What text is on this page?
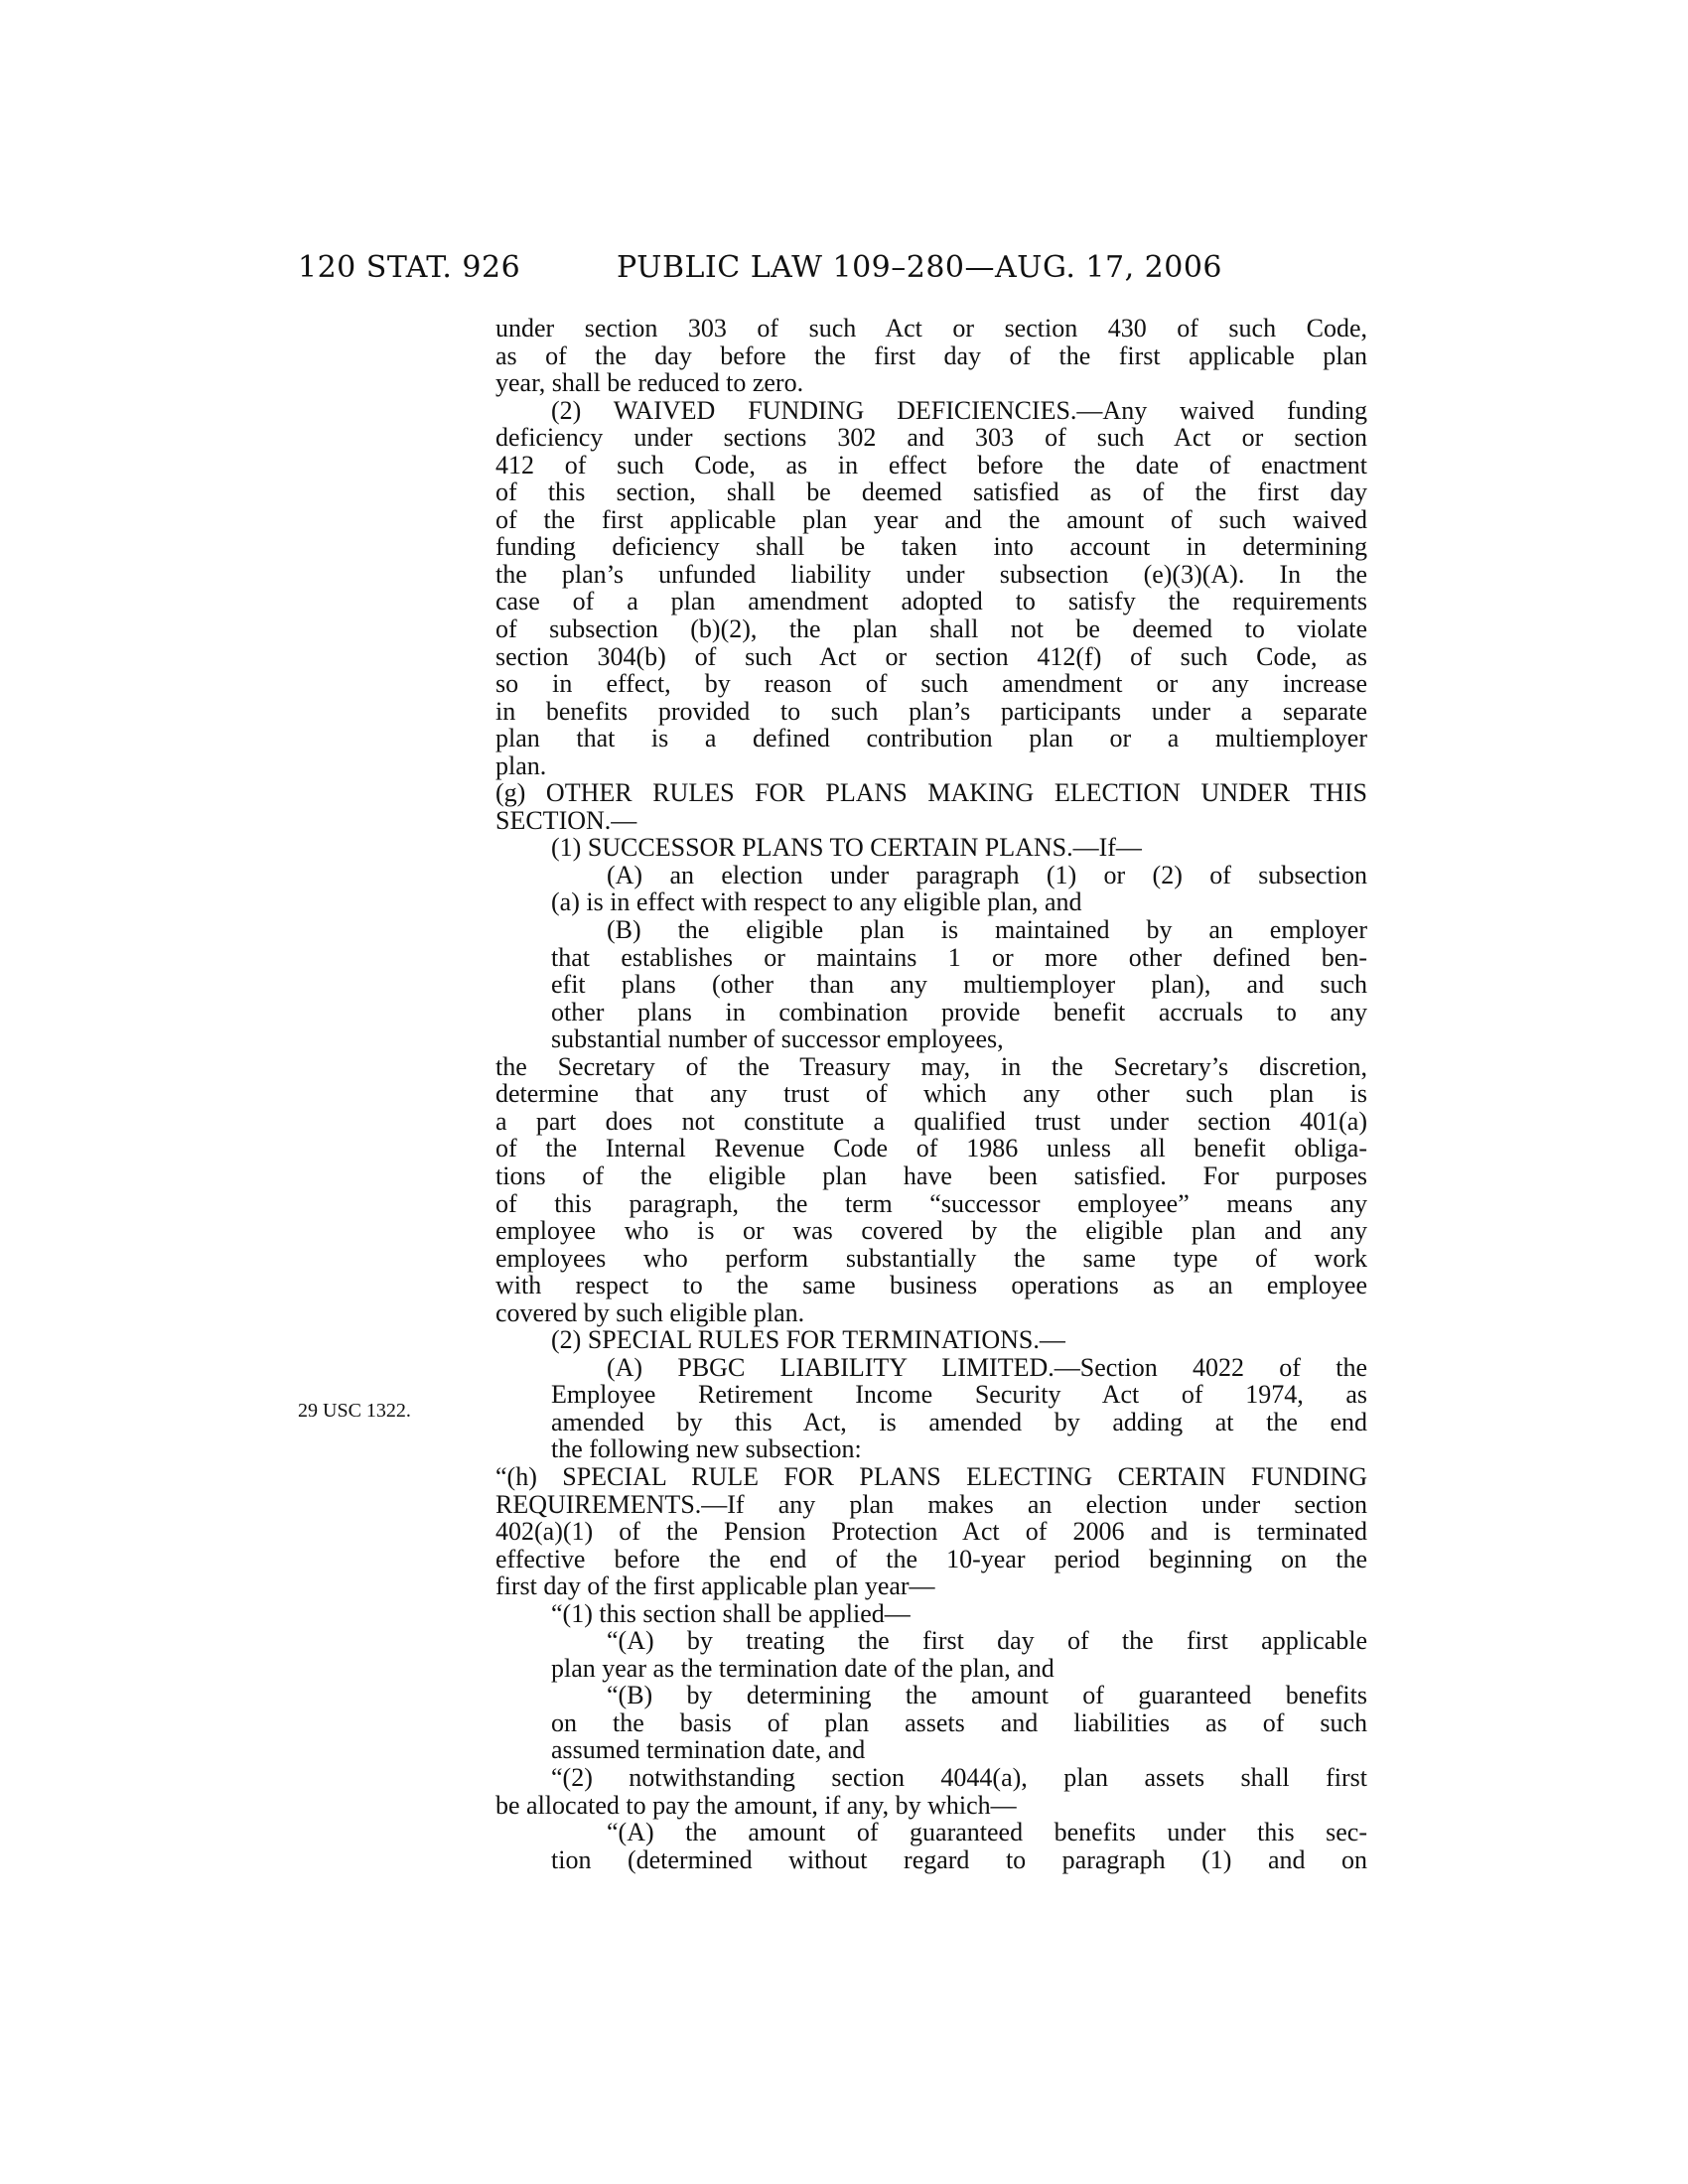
120 STAT. 926	PUBLIC LAW 109–280—AUG. 17, 2006
29 USC 1322.

under section 303 of such Act or section 430 of such Code,

as of the day before the first day of the first applicable plan

year, shall be reduced to zero.

(2) WAIVED FUNDING DEFICIENCIES.—Any waived funding

deficiency under sections 302 and 303 of such Act or section

412 of such Code, as in effect before the date of enactment

of this section, shall be deemed satisfied as of the first day

of the first applicable plan year and the amount of such waived

funding deficiency shall be taken into account in determining

the plan’s unfunded liability under subsection (e)(3)(A). In the

case of a plan amendment adopted to satisfy the requirements

of subsection (b)(2), the plan shall not be deemed to violate

section 304(b) of such Act or section 412(f) of such Code, as

so in effect, by reason of such amendment or any increase

in benefits provided to such plan’s participants under a separate

plan that is a defined contribution plan or a multiemployer

plan.

(g) OTHER RULES FOR PLANS MAKING ELECTION UNDER THIS

SECTION.—

(1) SUCCESSOR PLANS TO CERTAIN PLANS.—If—

(A) an election under paragraph (1) or (2) of subsection

(a) is in effect with respect to any eligible plan, and

(B) the eligible plan is maintained by an employer

that establishes or maintains 1 or more other defined ben-

efit plans (other than any multiemployer plan), and such

other plans in combination provide benefit accruals to any

substantial number of successor employees,

the Secretary of the Treasury may, in the Secretary’s discretion,

determine that any trust of which any other such plan is

a part does not constitute a qualified trust under section 401(a)

of the Internal Revenue Code of 1986 unless all benefit obliga-

tions of the eligible plan have been satisfied. For purposes

of this paragraph, the term “successor employee” means any

employee who is or was covered by the eligible plan and any

employees who perform substantially the same type of work

with respect to the same business operations as an employee

covered by such eligible plan.

(2) SPECIAL RULES FOR TERMINATIONS.—

(A) PBGC LIABILITY LIMITED.—Section 4022 of the

Employee Retirement Income Security Act of 1974, as

amended by this Act, is amended by adding at the end

the following new subsection:

“(h) SPECIAL RULE FOR PLANS ELECTING CERTAIN FUNDING

REQUIREMENTS.—If any plan makes an election under section

402(a)(1) of the Pension Protection Act of 2006 and is terminated

effective before the end of the 10-year period beginning on the

first day of the first applicable plan year—

“(1) this section shall be applied—

“(A) by treating the first day of the first applicable

plan year as the termination date of the plan, and

“(B) by determining the amount of guaranteed benefits

on the basis of plan assets and liabilities as of such

assumed termination date, and

“(2) notwithstanding section 4044(a), plan assets shall first

be allocated to pay the amount, if any, by which—

“(A) the amount of guaranteed benefits under this sec-

tion (determined without regard to paragraph (1) and on
